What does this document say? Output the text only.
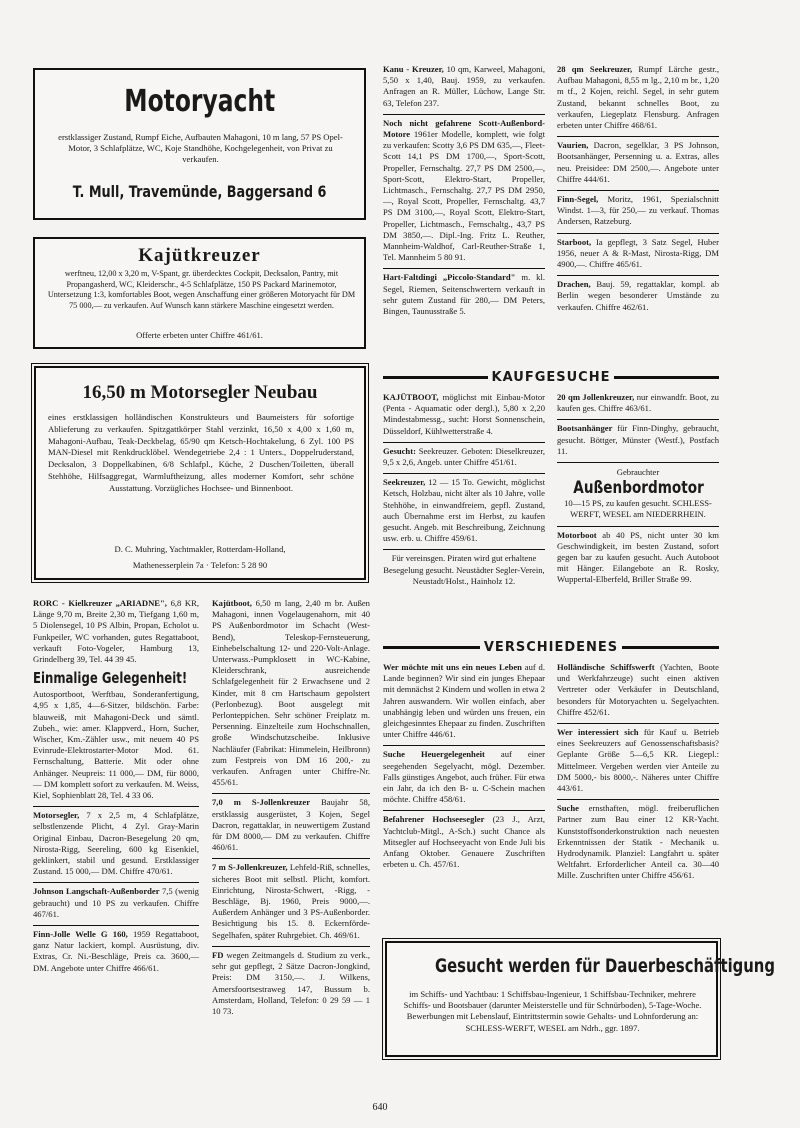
Motoryacht
erstklassiger Zustand, Rumpf Eiche, Aufbauten Mahagoni, 10 m lang, 57 PS Opel-Motor, 3 Schlafplätze, WC, Koje Standhöhe, Kochgelegenheit, von Privat zu verkaufen.
T. Mull, Travemünde, Baggersand 6
Kajütkreuzer
werftneu, 12,00 x 3,20 m, V-Spant, gr. überdecktes Cockpit, Decksalon, Pantry, mit Propangasherd, WC, Kleiderschr., 4-5 Schlafplätze, 150 PS Packard Marinemotor, Untersetzung 1:3, komfortables Boot, wegen Anschaffung einer größeren Motoryacht für DM 75 000,— zu verkaufen. Auf Wunsch kann stärkere Maschine eingesetzt werden.
Offerte erbeten unter Chiffre 461/61.
16,50 m Motorsegler Neubau
eines erstklassigen holländischen Konstrukteurs und Baumeisters für sofortige Ablieferung zu verkaufen. Spitzgattkörper Stahl verzinkt, 16,50 x 4,00 x 1,60 m, Mahagoni-Aufbau, Teak-Deckbelag, 65/90 qm Ketsch-Hochtakelung, 6 Zyl. 100 PS MAN-Diesel mit Renkdrucklöbel. Wendegetriebe 2,4 : 1 Unters., Doppelruderstand, Decksalon, 3 Doppelkabinen, 6/8 Schlafpl., Küche, 2 Duschen/Toiletten, überall Stehhöhe, Hilfsaggregat, Warmluftheizung, alles moderner Komfort, sehr schöne Ausstattung. Vorzügliches Hochsee- und Binnenboot.
D. C. Muhring, Yachtmakler, Rotterdam-Holland,
Mathenesserplein 7a · Telefon: 5 28 90
RORC - Kielkreuzer „ARIADNE", 6,8 KR, Länge 9,70 m, Breite 2,30 m, Tiefgang 1,60 m, 5 Diolensegel, 10 PS Albin, Propan, Echolot u. Funkpeiler, WC vorhanden, gutes Regattaboot, verkauft Foto-Vogeler, Hamburg 13, Grindelberg 39, Tel. 44 39 45.
Einmalige Gelegenheit!
Autosportboot, Werftbau, Sonderanfertigung, 4,95 x 1,85, 4—6-Sitzer, bildschön. Farbe: blauweiß, mit Mahagoni-Deck und sämtl. Zubeh., wie: amer. Klappverd., Horn, Sucher, Wischer, Km.-Zähler usw., mit neuem 40 PS Evinrude-Elektrostarter-Motor Mod. 61. Fernschaltung, Batterie. Mit oder ohne Anhänger. Neupreis: 11 000,— DM, für 8000,— DM komplett sofort zu verkaufen. M. Weiss, Kiel, Sophienblatt 28, Tel. 4 33 06.
Motorsegler, 7 x 2,5 m, 4 Schlafplätze, selbstlenzende Plicht, 4 Zyl. Gray-Marin Original Einbau, Dacron-Besegelung 20 qm, Nirosta-Rigg, Seereling, 600 kg Eisenkiel, geklinkert, stabil und gesund. Erstklassiger Zustand. 15 000,— DM. Chiffre 470/61.
Johnson Langschaft-Außenborder 7,5 (wenig gebraucht) und 10 PS zu verkaufen. Chiffre 467/61.
Finn-Jolle Welle G 160, 1959 Regattaboot, ganz Natur lackiert, kompl. Ausrüstung, div. Extras, Cr. Ni.-Beschläge, Preis ca. 3600,— DM. Angebote unter Chiffre 466/61.
Kajütboot, 6,50 m lang, 2,40 m br. Außen Mahagoni, innen Vogelaugenahorn, mit 40 PS Außenbordmotor im Schacht (West-Bend), Teleskop-Fernsteuerung, Einhebelschaltung 12- und 220-Volt-Anlage. Unterwass.-Pumpklosett in WC-Kabine, Kleiderschrank, ausreichende Schlafgelegenheit für 2 Erwachsene und 2 Kinder, mit 8 cm Hartschaum gepolstert (Perlonbezug). Boot ausgelegt mit Perlonteppichen. Sehr schöner Freiplatz m. Persenning. Einzelteile zum Hochschnallen, große Windschutzscheibe. Inklusive Nachläufer (Fabrikat: Himmelein, Heilbronn) zum Festpreis von DM 16 200,- zu verkaufen. Anfragen unter Chiffre-Nr. 455/61.
7,0 m S-Jollenkreuzer Baujahr 58, erstklassig ausgerüstet, 3 Kojen, Segel Dacron, regattaklar, in neuwertigem Zustand für DM 8000,— DM zu verkaufen. Chiffre 460/61.
7 m S-Jollenkreuzer, Lehfeld-Riß, schnelles, sicheres Boot mit selbstl. Plicht, komfort. Einrichtung, Nirosta-Schwert, -Rigg, -Beschläge, Bj. 1960, Preis 9000,—. Außerdem Anhänger und 3 PS-Außenborder. Besichtigung bis 15. 8. Eckernförde-Segelhafen, später Ruhrgebiet. Ch. 469/61.
FD wegen Zeitmangels d. Studium zu verk., sehr gut gepflegt, 2 Sätze Dacron-Jongkind, Preis: DM 3150,—. J. Wilkens, Amersfoortsestraweg 147, Bussum b. Amsterdam, Holland, Telefon: 0 29 59 — 1 10 73.
Kanu - Kreuzer, 10 qm, Karweel, Mahagoni, 5,50 x 1,40, Bauj. 1959, zu verkaufen. Anfragen an R. Müller, Lüchow, Lange Str. 63, Telefon 237.
Noch nicht gefahrene Scott-Außenbord-Motore 1961er Modelle, komplett, wie folgt zu verkaufen: Scotty 3,6 PS DM 635,—, Fleet-Scott 14,1 PS DM 1700,—, Sport-Scott, Propeller, Fernschaltg. 27,7 PS DM 2500,—, Sport-Scott, Elektro-Start, Propeller, Lichtmasch., Fernschaltg. 27,7 PS DM 2950,—, Royal Scott, Propeller, Fernschaltg. 43,7 PS DM 3100,—, Royal Scott, Elektro-Start, Propeller, Lichtmasch., Fernschaltg., 43,7 PS DM 3850,—. Dipl.-Ing. Fritz L. Reuther, Mannheim-Waldhof, Carl-Reuther-Straße 1, Tel. Mannheim 5 80 91.
Hart-Faltdingi „Piccolo-Standard" m. kl. Segel, Riemen, Seitenschwertern verkauft in sehr gutem Zustand für 280,— DM Peters, Bingen, Taunusstraße 5.
28 qm Seekreuzer, Rumpf Lärche gestr., Aufbau Mahagoni, 8,55 m lg., 2,10 m br., 1,20 m tf., 2 Kojen, reichl. Segel, in sehr gutem Zustand, bekannt schnelles Boot, zu verkaufen, Liegeplatz Flensburg. Anfragen erbeten unter Chiffre 468/61.
Vaurien, Dacron, segelklar, 3 PS Johnson, Bootsanhänger, Persenning u. a. Extras, alles neu. Preisidee: DM 2500,—. Angebote unter Chiffre 444/61.
Finn-Segel, Moritz, 1961, Spezialschnitt Windst. 1—3, für 250,— zu verkauf. Thomas Andersen, Ratzeburg.
Starboot, Ia gepflegt, 3 Satz Segel, Huber 1956, neuer A & R-Mast, Nirosta-Rigg, DM 4900,—. Chiffre 465/61.
Drachen, Bauj. 59, regattaklar, kompl. ab Berlin wegen besonderer Umstände zu verkaufen. Chiffre 462/61.
KAUFGESUCHE
KAJÜTBOOT, möglichst mit Einbau-Motor (Penta - Aquamatic oder dergl.), 5,80 x 2,20 Mindestabmessg., sucht: Horst Sonnenschein, Düsseldorf, Kühlwetterstraße 4.
Gesucht: Seekreuzer. Geboten: Dieselkreuzer, 9,5 x 2,6, Angeb. unter Chiffre 451/61.
Seekreuzer, 12 — 15 To. Gewicht, möglichst Ketsch, Holzbau, nicht älter als 10 Jahre, volle Stehhöhe, in einwandfreiem, gepfl. Zustand, auch Übernahme erst im Herbst, zu kaufen gesucht. Angeb. mit Beschreibung, Zeichnung usw. erb. u. Chiffre 459/61.
Für vereinsgen. Piraten wird gut erhaltene Besegelung gesucht. Neustädter Segler-Verein, Neustadt/Holst., Hainholz 12.
20 qm Jollenkreuzer, nur einwandfr. Boot, zu kaufen ges. Chiffre 463/61.
Bootsanhänger für Finn-Dinghy, gebraucht, gesucht. Böttger, Münster (Westf.), Postfach 11.
Gebrauchter
Außenbordmotor
10—15 PS, zu kaufen gesucht. SCHLESS-WERFT, WESEL am NIEDERRHEIN.
Motorboot ab 40 PS, nicht unter 30 km Geschwindigkeit, im besten Zustand, sofort gegen bar zu kaufen gesucht. Auch Autoboot mit Hänger. Eilangebote an R. Rosky, Wuppertal-Elberfeld, Briller Straße 99.
VERSCHIEDENES
Wer möchte mit uns ein neues Leben auf d. Lande beginnen? Wir sind ein junges Ehepaar mit demnächst 2 Kindern und wollen in etwa 2 Jahren auswandern. Wir wollen einfach, aber unabhängig leben und würden uns freuen, ein gleichgesinntes Ehepaar zu finden. Zuschriften unter Chiffre 446/61.
Suche Heuergelegenheit auf einer seegehenden Segelyacht, mögl. Dezember. Falls günstiges Angebot, auch früher. Für etwa ein Jahr, da ich den B- u. C-Schein machen möchte. Chiffre 458/61.
Befahrener Hochseesegler (23 J., Arzt, Yachtclub-Mitgl., A-Sch.) sucht Chance als Mitsegler auf Hochseeyacht von Ende Juli bis Anfang Oktober. Genauere Zuschriften erbeten u. Ch. 457/61.
Holländische Schiffswerft (Yachten, Boote und Werkfahrzeuge) sucht einen aktiven Vertreter oder Verkäufer in Deutschland, besonders für Motoryachten u. Segelyachten. Chiffre 452/61.
Wer interessiert sich für Kauf u. Betrieb eines Seekreuzers auf Genossenschaftsbasis? Geplante Größe 5—6,5 KR. Liegepl.: Mittelmeer. Vergeben werden vier Anteile zu DM 5000,- bis 8000,-. Näheres unter Chiffre 443/61.
Suche ernsthaften, mögl. freiberuflichen Partner zum Bau einer 12 KR-Yacht. Kunststoffsonderkonstruktion nach neuesten Erkenntnissen der Statik - Mechanik u. Hydrodynamik. Planziel: Langfahrt u. später Weltfahrt. Erforderlicher Anteil ca. 30—40 Mille. Zuschriften unter Chiffre 456/61.
Gesucht werden für Dauerbeschäftigung
im Schiffs- und Yachtbau: 1 Schiffsbau-Ingenieur, 1 Schiffsbau-Techniker, mehrere Schiffs- und Bootsbauer (darunter Meisterstelle und für Schnürboden), 5-Tage-Woche. Bewerbungen mit Lebenslauf, Eintrittstermin sowie Gehalts- und Lohnforderung an: SCHLESS-WERFT, WESEL am Ndrh., ggr. 1897.
640
